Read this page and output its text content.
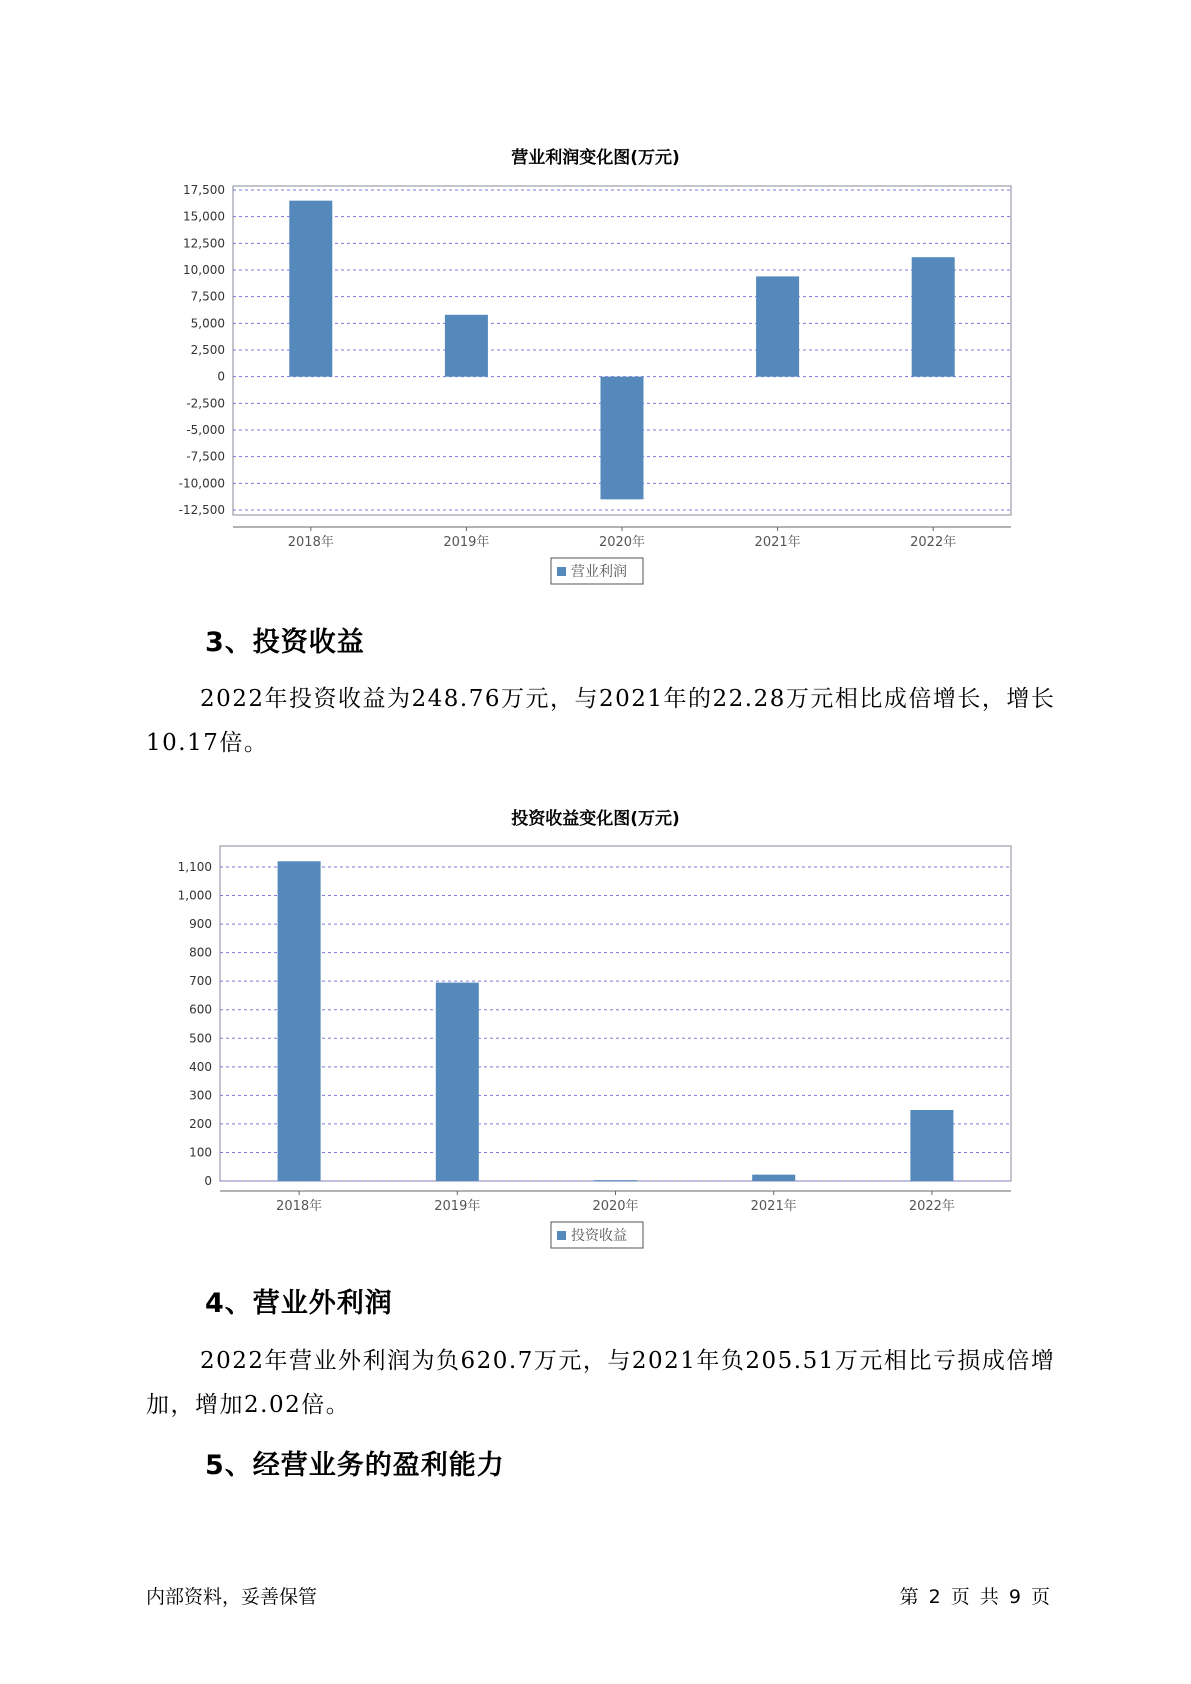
营业利润变化图(万元)
17,500
15,000
12,500
10,000
7,500
5,000
2,500
0
-2,500
-5,000
-7,500
-10,000
-12,500
2018年	2019年	2020年	2021年	2022年
营业利润
3、投资收益

2022年投资收益为248.76万元，与2021年的22.28万元相比成倍增长，增长10.17倍。

投资收益变化图(万元)
1,100
1,000
900
800
700
600
500
400
300
200
100
0
2018年	2019年	2020年	2021年	2022年
投资收益
4、营业外利润

2022年营业外利润为负620.7万元，与2021年负205.51万元相比亏损成倍增加，增加2.02倍。

5、经营业务的盈利能力
内部资料，妥善保管	第 2 页 共 9 页
